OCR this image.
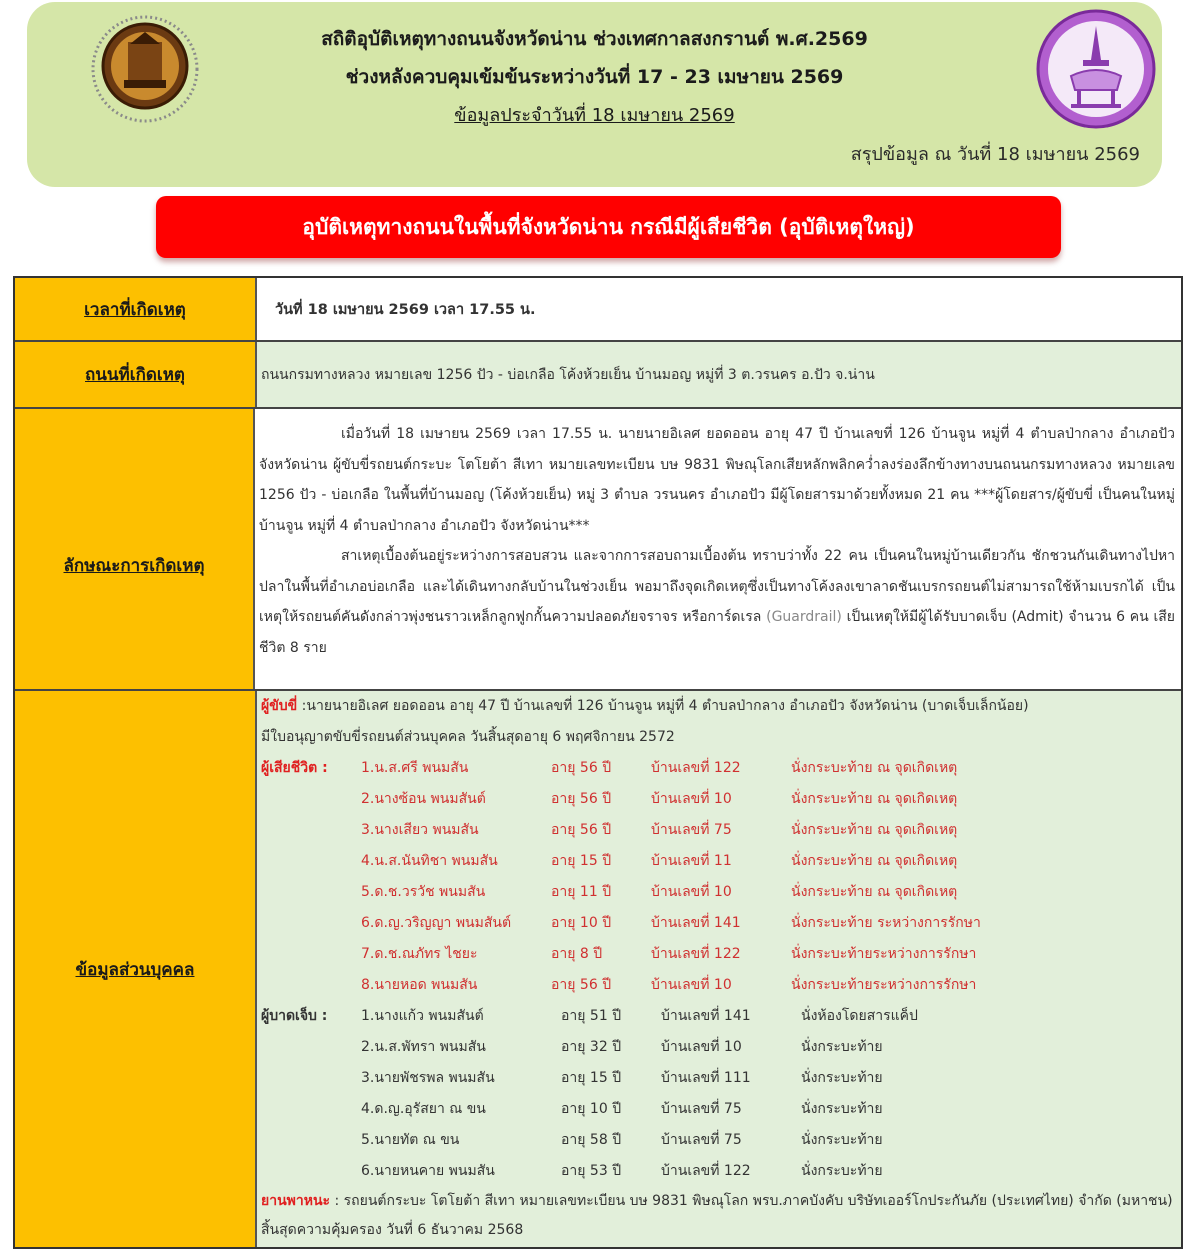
สถิติอุบัติเหตุทางถนนจังหวัดน่าน ช่วงเทศกาลสงกรานต์ พ.ศ.2569
ช่วงหลังควบคุมเข้มข้นระหว่างวันที่ 17 - 23 เมษายน 2569
ข้อมูลประจำวันที่ 18 เมษายน 2569
สรุปข้อมูล ณ วันที่ 18 เมษายน 2569
อุบัติเหตุทางถนนในพื้นที่จังหวัดน่าน กรณีมีผู้เสียชีวิต (อุบัติเหตุใหญ่)
เวลาที่เกิดเหตุ	วันที่ 18 เมษายน 2569 เวลา 17.55 น.
ถนนที่เกิดเหตุ	ถนนกรมทางหลวง หมายเลข 1256 ปัว - บ่อเกลือ โค้งห้วยเย็น บ้านมอญ หมู่ที่ 3 ต.วรนคร อ.ปัว จ.น่าน
ลักษณะการเกิดเหตุ
เมื่อวันที่ 18 เมษายน 2569 เวลา 17.55 น. นายนายอิเลศ ยอดออน อายุ 47 ปี บ้านเลขที่ 126 บ้านจูน หมู่ที่ 4 ตำบลป่ากลาง อำเภอปัว จังหวัดน่าน ผู้ขับขี่รถยนต์กระบะ โตโยต้า สีเทา หมายเลขทะเบียน บษ 9831 พิษณุโลกเสียหลักพลิกคว่ำลงร่องลึกข้างทางบนถนนกรมทางหลวง หมายเลข 1256 ปัว - บ่อเกลือ ในพื้นที่บ้านมอญ (โค้งห้วยเย็น) หมู่ 3 ตำบล วรนนคร อำเภอปัว มีผู้โดยสารมาด้วยทั้งหมด 21 คน ***ผู้โดยสาร/ผู้ขับขี่ เป็นคนในหมู่บ้านจูน หมู่ที่ 4 ตำบลป่ากลาง อำเภอปัว จังหวัดน่าน***
สาเหตุเบื้องต้นอยู่ระหว่างการสอบสวน และจากการสอบถามเบื้องต้น ทราบว่าทั้ง 22 คน เป็นคนในหมู่บ้านเดียวกัน ชักชวนกันเดินทางไปหาปลาในพื้นที่อำเภอบ่อเกลือ และได้เดินทางกลับบ้านในช่วงเย็น พอมาถึงจุดเกิดเหตุซึ่งเป็นทางโค้งลงเขาลาดชันเบรกรถยนต์ไม่สามารถใช้ห้ามเบรกได้ เป็นเหตุให้รถยนต์คันดังกล่าวพุ่งชนราวเหล็กลูกฟูกกั้นความปลอดภัยจราจร หรือการ์ดเรล (Guardrail) เป็นเหตุให้มีผู้ได้รับบาดเจ็บ (Admit) จำนวน 6 คน เสียชีวิต 8 ราย
ข้อมูลส่วนบุคคล
ผู้ขับขี่ :นายนายอิเลศ ยอดออน อายุ 47 ปี บ้านเลขที่ 126 บ้านจูน หมู่ที่ 4 ตำบลป่ากลาง อำเภอปัว จังหวัดน่าน (บาดเจ็บเล็กน้อย)
มีใบอนุญาตขับขี่รถยนต์ส่วนบุคคล วันสิ้นสุดอายุ 6 พฤศจิกายน 2572
ผู้เสียชีวิต :	1.น.ส.ศรี พนมสัน	อายุ 56 ปี	บ้านเลขที่ 122	นั่งกระบะท้าย ณ จุดเกิดเหตุ
2.นางซ้อน พนมสันต์	อายุ 56 ปี	บ้านเลขที่ 10	นั่งกระบะท้าย ณ จุดเกิดเหตุ
3.นางเสียว พนมสัน	อายุ 56 ปี	บ้านเลขที่ 75	นั่งกระบะท้าย ณ จุดเกิดเหตุ
4.น.ส.นันทิชา พนมสัน	อายุ 15 ปี	บ้านเลขที่ 11	นั่งกระบะท้าย ณ จุดเกิดเหตุ
5.ด.ช.วรวัช พนมสัน	อายุ 11 ปี	บ้านเลขที่ 10	นั่งกระบะท้าย ณ จุดเกิดเหตุ
6.ด.ญ.วริญญา พนมสันต์	อายุ 10 ปี	บ้านเลขที่ 141	นั่งกระบะท้าย ระหว่างการรักษา
7.ด.ช.ณภัทร ไชยะ	อายุ 8 ปี	บ้านเลขที่ 122	นั่งกระบะท้ายระหว่างการรักษา
8.นายหอด พนมสัน	อายุ 56 ปี	บ้านเลขที่ 10	นั่งกระบะท้ายระหว่างการรักษา
ผู้บาดเจ็บ :	1.นางแก้ว พนมสันต์	อายุ 51 ปี	บ้านเลขที่ 141	นั่งห้องโดยสารแค็ป
2.น.ส.พัทรา พนมสัน	อายุ 32 ปี	บ้านเลขที่ 10	นั่งกระบะท้าย
3.นายพัชรพล พนมสัน	อายุ 15 ปี	บ้านเลขที่ 111	นั่งกระบะท้าย
4.ด.ญ.อุรัสยา ณ ขน	อายุ 10 ปี	บ้านเลขที่ 75	นั่งกระบะท้าย
5.นายทัต ณ ขน	อายุ 58 ปี	บ้านเลขที่ 75	นั่งกระบะท้าย
6.นายหนคาย พนมสัน	อายุ 53 ปี	บ้านเลขที่ 122	นั่งกระบะท้าย
ยานพาหนะ : รถยนต์กระบะ โตโยต้า สีเทา หมายเลขทะเบียน บษ 9831 พิษณุโลก พรบ.ภาคบังคับ บริษัทเออร์โกประกันภัย (ประเทศไทย) จำกัด (มหาชน) สิ้นสุดความคุ้มครอง วันที่ 6 ธันวาคม 2568
